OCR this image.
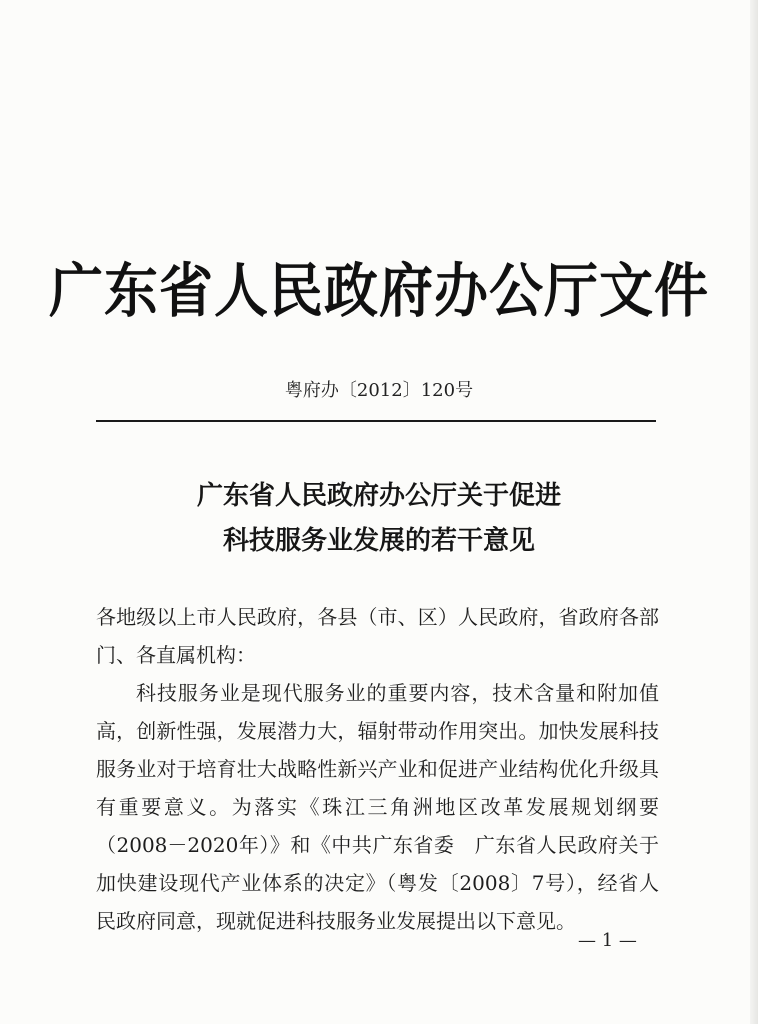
广东省人民政府办公厅文件
粤府办〔2012〕120号
广东省人民政府办公厅关于促进
科技服务业发展的若干意见

各地级以上市人民政府，各县（市、区）人民政府，省政府各部门、各直属机构：

科技服务业是现代服务业的重要内容，技术含量和附加值高，创新性强，发展潜力大，辐射带动作用突出。加快发展科技服务业对于培育壮大战略性新兴产业和促进产业结构优化升级具有重要意义。为落实《珠江三角洲地区改革发展规划纲要（2008－2020年）》和《中共广东省委　广东省人民政府关于加快建设现代产业体系的决定》（粤发〔2008〕7号），经省人民政府同意，现就促进科技服务业发展提出以下意见。

— 1 —
